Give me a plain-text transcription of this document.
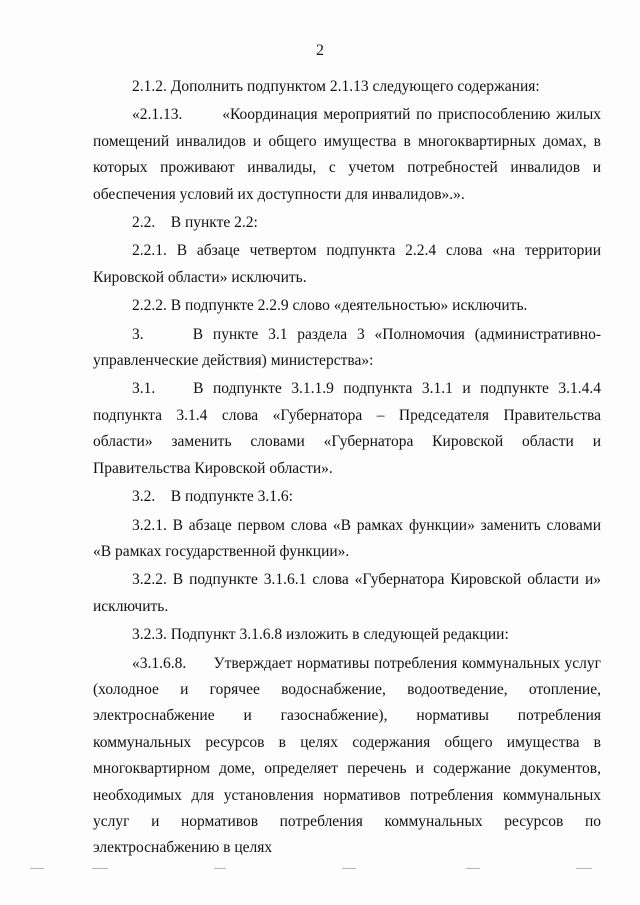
2

2.1.2. Дополнить подпунктом 2.1.13 следующего содержания:

«2.1.13.       «Координация мероприятий по приспособлению жилых помещений инвалидов и общего имущества в многоквартирных домах, в которых проживают инвалиды, с учетом потребностей инвалидов и обеспечения условий их доступности для инвалидов».».

2.2.    В пункте 2.2:

2.2.1. В абзаце четвертом подпункта 2.2.4 слова «на территории Кировской области» исключить.

2.2.2. В подпункте 2.2.9 слово «деятельностью» исключить.

3.     В пункте 3.1 раздела 3 «Полномочия (административно-управленческие действия) министерства»:

3.1.    В подпункте 3.1.1.9 подпункта 3.1.1 и подпункте 3.1.4.4 подпункта 3.1.4 слова «Губернатора – Председателя Правительства области» заменить словами «Губернатора Кировской области и Правительства Кировской области».

3.2.    В подпункте 3.1.6:

3.2.1. В абзаце первом слова «В рамках функции» заменить словами «В рамках государственной функции».

3.2.2. В подпункте 3.1.6.1 слова «Губернатора Кировской области и» исключить.

3.2.3. Подпункт 3.1.6.8 изложить в следующей редакции:

«3.1.6.8.      Утверждает нормативы потребления коммунальных услуг (холодное и горячее водоснабжение, водоотведение, отопление, электроснабжение и газоснабжение), нормативы потребления коммунальных ресурсов в целях содержания общего имущества в многоквартирном доме, определяет перечень и содержание документов, необходимых для установления нормативов потребления коммунальных услуг и нормативов потребления коммунальных ресурсов по электроснабжению в целях
